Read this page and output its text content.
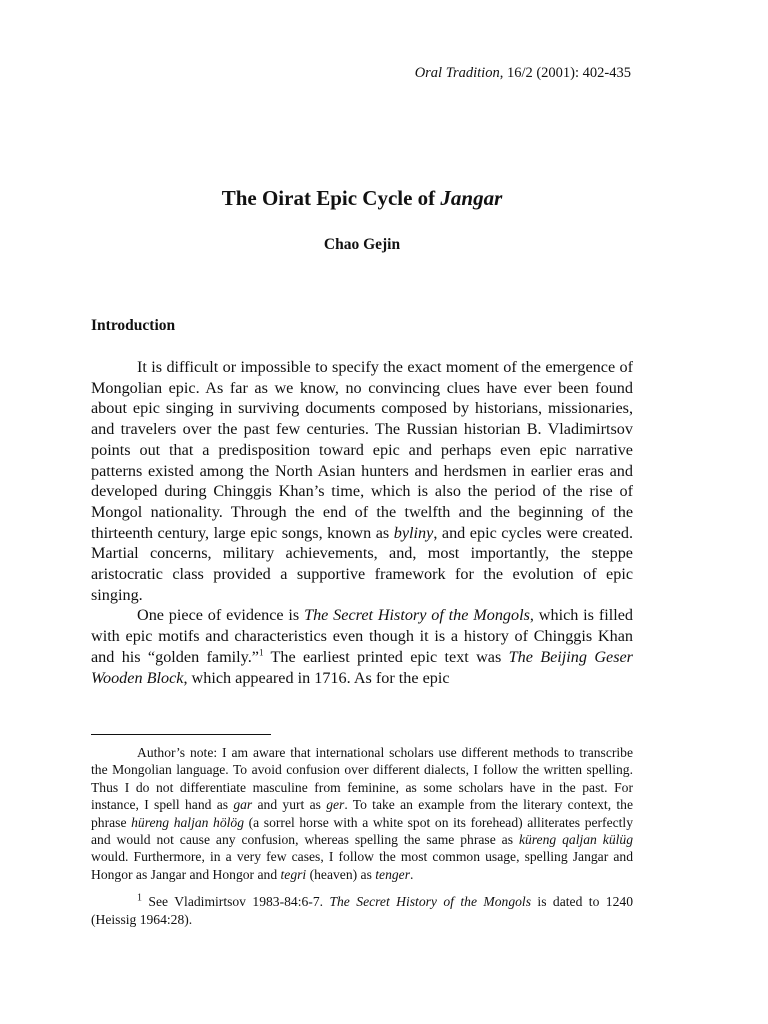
Oral Tradition, 16/2 (2001): 402-435
The Oirat Epic Cycle of Jangar
Chao Gejin
Introduction

It is difficult or impossible to specify the exact moment of the emergence of Mongolian epic. As far as we know, no convincing clues have ever been found about epic singing in surviving documents composed by historians, missionaries, and travelers over the past few centuries. The Russian historian B. Vladimirtsov points out that a predisposition toward epic and perhaps even epic narrative patterns existed among the North Asian hunters and herdsmen in earlier eras and developed during Chinggis Khan’s time, which is also the period of the rise of Mongol nationality. Through the end of the twelfth and the beginning of the thirteenth century, large epic songs, known as byliny, and epic cycles were created. Martial concerns, military achievements, and, most importantly, the steppe aristocratic class provided a supportive framework for the evolution of epic singing.

One piece of evidence is The Secret History of the Mongols, which is filled with epic motifs and characteristics even though it is a history of Chinggis Khan and his “golden family.”$^1$ The earliest printed epic text was The Beijing Geser Wooden Block, which appeared in 1716. As for the epic

Author’s note: I am aware that international scholars use different methods to transcribe the Mongolian language. To avoid confusion over different dialects, I follow the written spelling. Thus I do not differentiate masculine from feminine, as some scholars have in the past. For instance, I spell hand as gar and yurt as ger. To take an example from the literary context, the phrase hüreng haljan hölög (a sorrel horse with a white spot on its forehead) alliterates perfectly and would not cause any confusion, whereas spelling the same phrase as küreng qaljan külüg would. Furthermore, in a very few cases, I follow the most common usage, spelling Jangar and Hongor as Jangar and Hongor and tegri (heaven) as tenger.

$^1$ See Vladimirtsov 1983-84:6-7. The Secret History of the Mongols is dated to 1240 (Heissig 1964:28).
